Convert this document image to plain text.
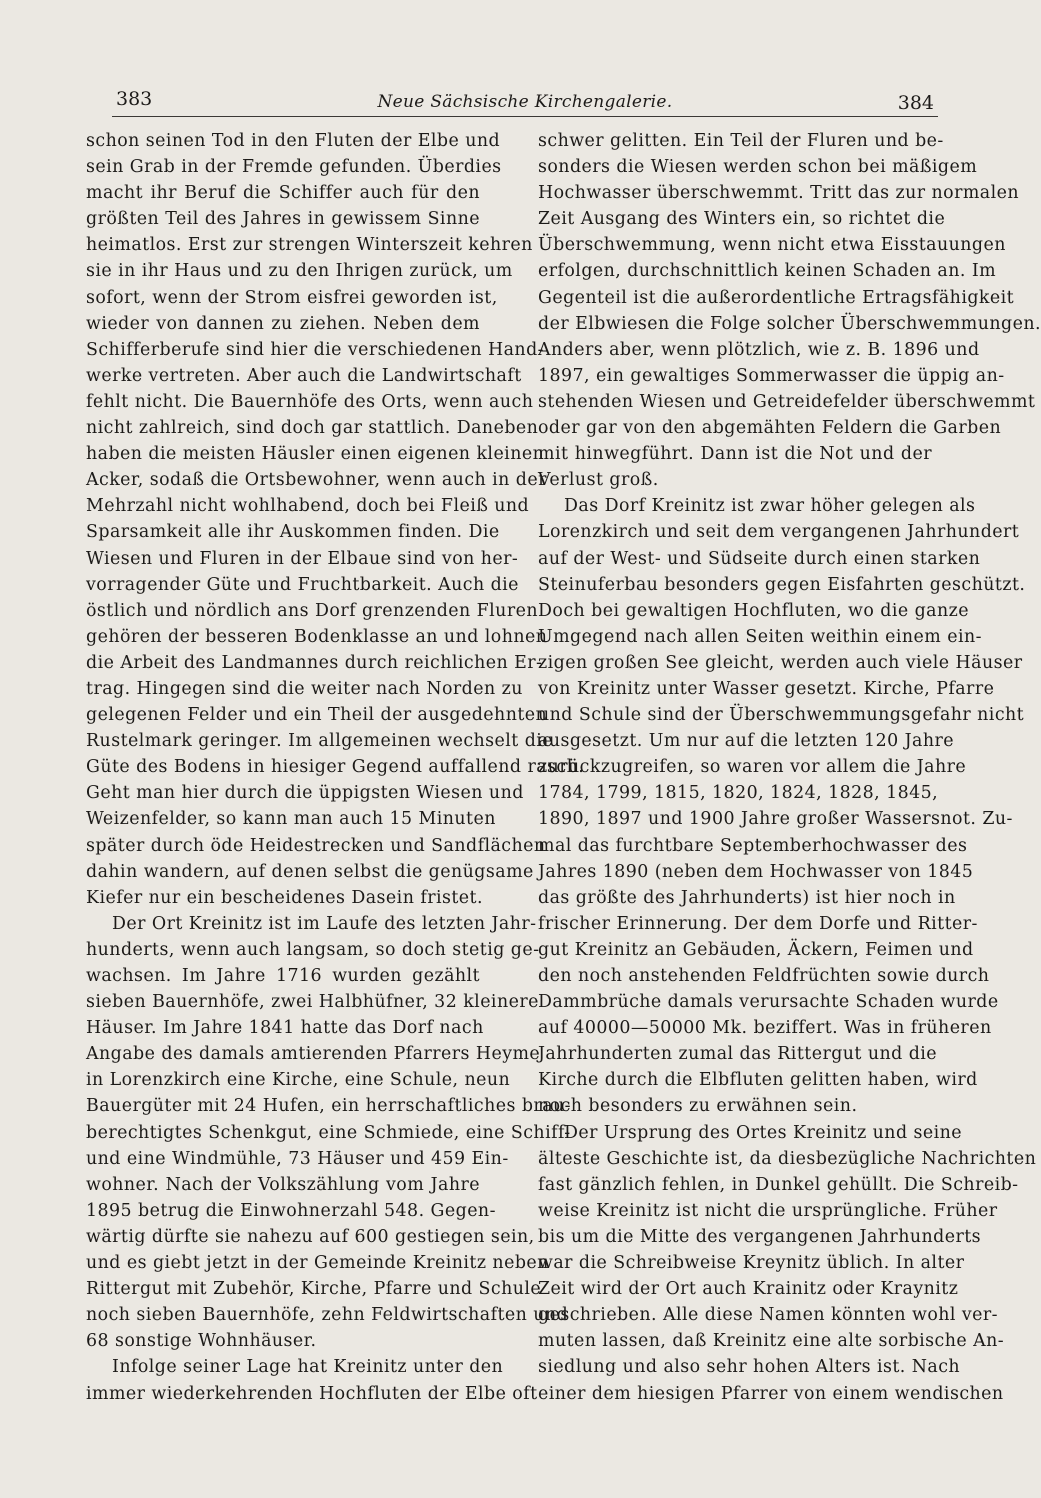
383	Neue Sächsische Kirchengalerie.	384
schon seinen Tod in den Fluten der Elbe und
sein Grab in der Fremde gefunden. Überdies
macht ihr Beruf die Schiffer auch für den
größten Teil des Jahres in gewissem Sinne
heimatlos. Erst zur strengen Winterszeit kehren
sie in ihr Haus und zu den Ihrigen zurück, um
sofort, wenn der Strom eisfrei geworden ist,
wieder von dannen zu ziehen. Neben dem
Schifferberufe sind hier die verschiedenen Hand-
werke vertreten. Aber auch die Landwirtschaft
fehlt nicht. Die Bauernhöfe des Orts, wenn auch
nicht zahlreich, sind doch gar stattlich. Daneben
haben die meisten Häusler einen eigenen kleinen
Acker, sodaß die Ortsbewohner, wenn auch in der
Mehrzahl nicht wohlhabend, doch bei Fleiß und
Sparsamkeit alle ihr Auskommen finden. Die
Wiesen und Fluren in der Elbaue sind von her-
vorragender Güte und Fruchtbarkeit. Auch die
östlich und nördlich ans Dorf grenzenden Fluren
gehören der besseren Bodenklasse an und lohnen
die Arbeit des Landmannes durch reichlichen Er-
trag. Hingegen sind die weiter nach Norden zu
gelegenen Felder und ein Theil der ausgedehnten
Rustelmark geringer. Im allgemeinen wechselt die
Güte des Bodens in hiesiger Gegend auffallend rasch.
Geht man hier durch die üppigsten Wiesen und
Weizenfelder, so kann man auch 15 Minuten
später durch öde Heidestrecken und Sandflächen
dahin wandern, auf denen selbst die genügsame
Kiefer nur ein bescheidenes Dasein fristet.
Der Ort Kreinitz ist im Laufe des letzten Jahr-
hunderts, wenn auch langsam, so doch stetig ge-
wachsen. Im Jahre 1716 wurden gezählt
sieben Bauernhöfe, zwei Halbhüfner, 32 kleinere
Häuser. Im Jahre 1841 hatte das Dorf nach
Angabe des damals amtierenden Pfarrers Heyme
in Lorenzkirch eine Kirche, eine Schule, neun
Bauergüter mit 24 Hufen, ein herrschaftliches brau-
berechtigtes Schenkgut, eine Schmiede, eine Schiff-
und eine Windmühle, 73 Häuser und 459 Ein-
wohner. Nach der Volkszählung vom Jahre
1895 betrug die Einwohnerzahl 548. Gegen-
wärtig dürfte sie nahezu auf 600 gestiegen sein,
und es giebt jetzt in der Gemeinde Kreinitz neben
Rittergut mit Zubehör, Kirche, Pfarre und Schule
noch sieben Bauernhöfe, zehn Feldwirtschaften und
68 sonstige Wohnhäuser.
Infolge seiner Lage hat Kreinitz unter den
immer wiederkehrenden Hochfluten der Elbe oft
schwer gelitten. Ein Teil der Fluren und be-
sonders die Wiesen werden schon bei mäßigem
Hochwasser überschwemmt. Tritt das zur normalen
Zeit Ausgang des Winters ein, so richtet die
Überschwemmung, wenn nicht etwa Eisstauungen
erfolgen, durchschnittlich keinen Schaden an. Im
Gegenteil ist die außerordentliche Ertragsfähigkeit
der Elbwiesen die Folge solcher Überschwemmungen.
Anders aber, wenn plötzlich, wie z. B. 1896 und
1897, ein gewaltiges Sommerwasser die üppig an-
stehenden Wiesen und Getreidefelder überschwemmt
oder gar von den abgemähten Feldern die Garben
mit hinwegführt. Dann ist die Not und der
Verlust groß.
Das Dorf Kreinitz ist zwar höher gelegen als
Lorenzkirch und seit dem vergangenen Jahrhundert
auf der West- und Südseite durch einen starken
Steinuferbau besonders gegen Eisfahrten geschützt.
Doch bei gewaltigen Hochfluten, wo die ganze
Umgegend nach allen Seiten weithin einem ein-
zigen großen See gleicht, werden auch viele Häuser
von Kreinitz unter Wasser gesetzt. Kirche, Pfarre
und Schule sind der Überschwemmungsgefahr nicht
ausgesetzt. Um nur auf die letzten 120 Jahre
zurückzugreifen, so waren vor allem die Jahre
1784, 1799, 1815, 1820, 1824, 1828, 1845,
1890, 1897 und 1900 Jahre großer Wassersnot. Zu-
mal das furchtbare Septemberhochwasser des
Jahres 1890 (neben dem Hochwasser von 1845
das größte des Jahrhunderts) ist hier noch in
frischer Erinnerung. Der dem Dorfe und Ritter-
gut Kreinitz an Gebäuden, Äckern, Feimen und
den noch anstehenden Feldfrüchten sowie durch
Dammbrüche damals verursachte Schaden wurde
auf 40000—50000 Mk. beziffert. Was in früheren
Jahrhunderten zumal das Rittergut und die
Kirche durch die Elbfluten gelitten haben, wird
noch besonders zu erwähnen sein.
Der Ursprung des Ortes Kreinitz und seine
älteste Geschichte ist, da diesbezügliche Nachrichten
fast gänzlich fehlen, in Dunkel gehüllt. Die Schreib-
weise Kreinitz ist nicht die ursprüngliche. Früher
bis um die Mitte des vergangenen Jahrhunderts
war die Schreibweise Kreynitz üblich. In alter
Zeit wird der Ort auch Krainitz oder Kraynitz
geschrieben. Alle diese Namen könnten wohl ver-
muten lassen, daß Kreinitz eine alte sorbische An-
siedlung und also sehr hohen Alters ist. Nach
einer dem hiesigen Pfarrer von einem wendischen
